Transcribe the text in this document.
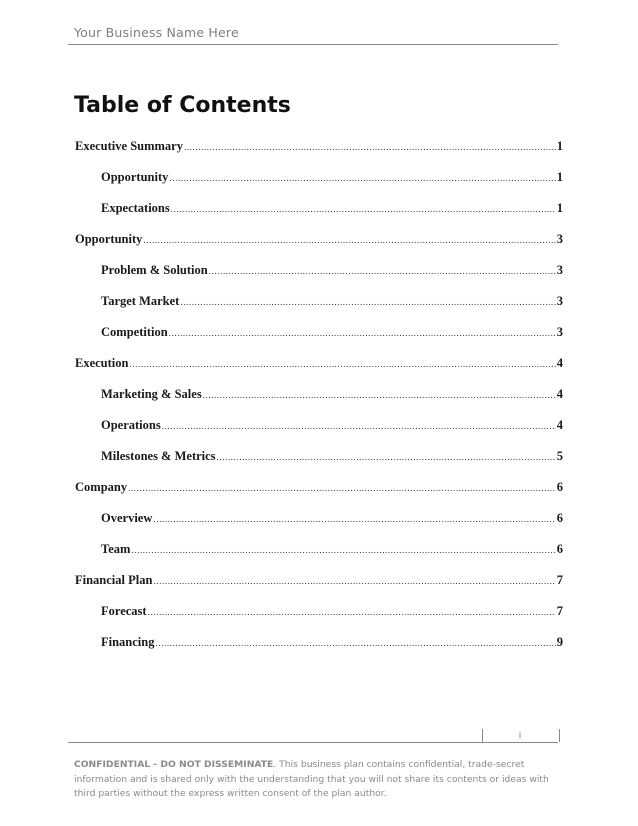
Your Business Name Here
Table of Contents
Executive Summary .....	1
Opportunity .....	1
Expectations .....	1
Opportunity .....	3
Problem & Solution .....	3
Target Market .....	3
Competition .....	3
Execution .....	4
Marketing & Sales .....	4
Operations .....	4
Milestones & Metrics .....	5
Company .....	6
Overview .....	6
Team .....	6
Financial Plan .....	7
Forecast .....	7
Financing .....	9
i

CONFIDENTIAL - DO NOT DISSEMINATE. This business plan contains confidential, trade-secret information and is shared only with the understanding that you will not share its contents or ideas with third parties without the express written consent of the plan author.
